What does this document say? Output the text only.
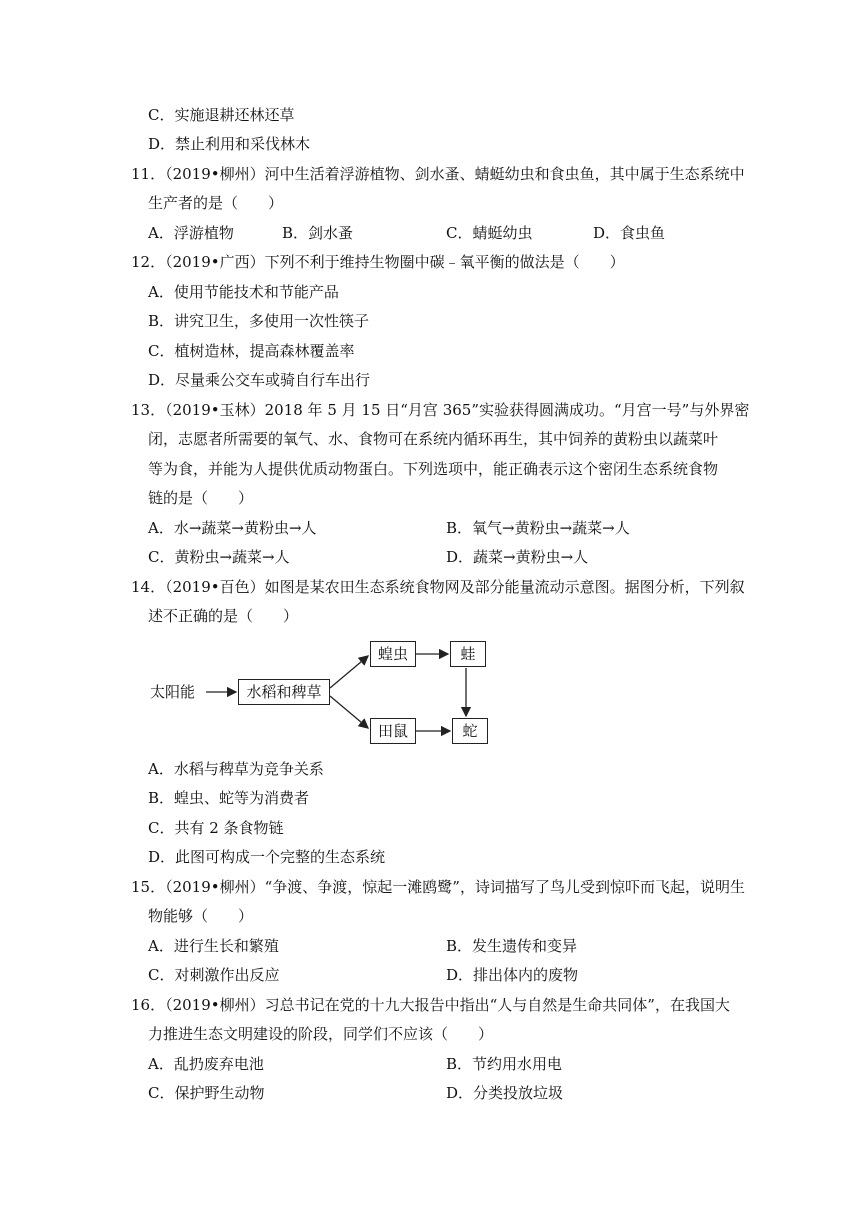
C．实施退耕还林还草
D．禁止利用和采伐林木
11．（2019•柳州）河中生活着浮游植物、剑水蚤、蜻蜓幼虫和食虫鱼，其中属于生态系统中
生产者的是（　　）
A．浮游植物	B．剑水蚤	C．蜻蜓幼虫	D．食虫鱼
12．（2019•广西）下列不利于维持生物圈中碳﹣氧平衡的做法是（　　）
A．使用节能技术和节能产品
B．讲究卫生，多使用一次性筷子
C．植树造林，提高森林覆盖率
D．尽量乘公交车或骑自行车出行
13．（2019•玉林）2018 年 5 月 15 日“月宫 365”实验获得圆满成功。“月宫一号”与外界密
闭，志愿者所需要的氧气、水、食物可在系统内循环再生，其中饲养的黄粉虫以蔬菜叶
等为食，并能为人提供优质动物蛋白。下列选项中，能正确表示这个密闭生态系统食物
链的是（　　）
A．水→蔬菜→黄粉虫→人	B．氧气→黄粉虫→蔬菜→人
C．黄粉虫→蔬菜→人	D．蔬菜→黄粉虫→人
14．（2019•百色）如图是某农田生态系统食物网及部分能量流动示意图。据图分析，下列叙
述不正确的是（　　）
太阳能	水稻和稗草
蝗虫	蛙
田鼠	蛇
A．水稻与稗草为竞争关系
B．蝗虫、蛇等为消费者
C．共有 2 条食物链
D．此图可构成一个完整的生态系统
15．（2019•柳州）“争渡、争渡，惊起一滩鸥鹭”，诗词描写了鸟儿受到惊吓而飞起，说明生
物能够（　　）
A．进行生长和繁殖	B．发生遗传和变异
C．对刺激作出反应	D．排出体内的废物
16．（2019•柳州）习总书记在党的十九大报告中指出“人与自然是生命共同体”，在我国大
力推进生态文明建设的阶段，同学们不应该（　　）
A．乱扔废弃电池	B．节约用水用电
C．保护野生动物	D．分类投放垃圾
